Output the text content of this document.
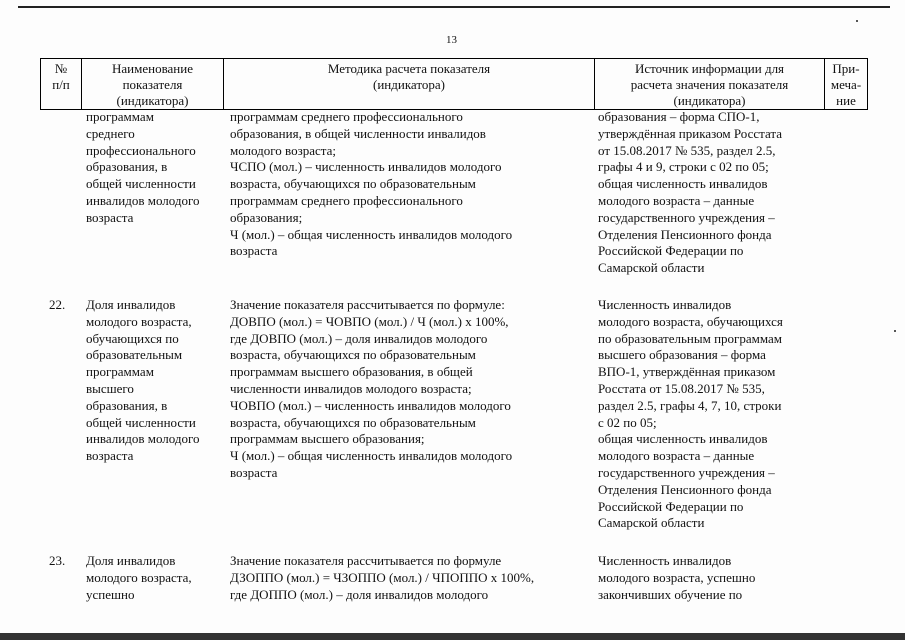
13
№
п/п
Наименование
показателя
(индикатора)
Методика расчета показателя
(индикатора)
Источник информации для
расчета значения показателя
(индикатора)
При-
меча-
ние
программам
среднего
профессионального
образования, в
общей численности
инвалидов молодого
возраста
программам среднего профессионального
образования, в общей численности инвалидов
молодого возраста;
ЧСПО (мол.) – численность инвалидов молодого
возраста, обучающихся по образовательным
программам среднего профессионального
образования;
Ч (мол.) – общая численность инвалидов молодого
возраста
образования – форма СПО-1,
утверждённая приказом Росстата
от 15.08.2017 № 535, раздел 2.5,
графы 4 и 9, строки с 02 по 05;
общая численность инвалидов
молодого возраста – данные
государственного учреждения –
Отделения Пенсионного фонда
Российской Федерации по
Самарской области
22. Доля инвалидов
молодого возраста,
обучающихся по
образовательным
программам
высшего
образования, в
общей численности
инвалидов молодого
возраста
Значение показателя рассчитывается по формуле:
ДОВПО (мол.) = ЧОВПО (мол.) / Ч (мол.) х 100%,
где ДОВПО (мол.) – доля инвалидов молодого
возраста, обучающихся по образовательным
программам высшего образования, в общей
численности инвалидов молодого возраста;
ЧОВПО (мол.) – численность инвалидов молодого
возраста, обучающихся по образовательным
программам высшего образования;
Ч (мол.) – общая численность инвалидов молодого
возраста
Численность инвалидов
молодого возраста, обучающихся
по образовательным программам
высшего образования – форма
ВПО-1, утверждённая приказом
Росстата от 15.08.2017 № 535,
раздел 2.5, графы 4, 7, 10, строки
с 02 по 05;
общая численность инвалидов
молодого возраста – данные
государственного учреждения –
Отделения Пенсионного фонда
Российской Федерации по
Самарской области
23. Доля инвалидов
молодого возраста,
успешно
Значение показателя рассчитывается по формуле
ДЗОППО (мол.) = ЧЗОППО (мол.) / ЧПОППО х 100%,
где ДОППО (мол.) – доля инвалидов молодого
Численность инвалидов
молодого возраста, успешно
закончивших обучение по
